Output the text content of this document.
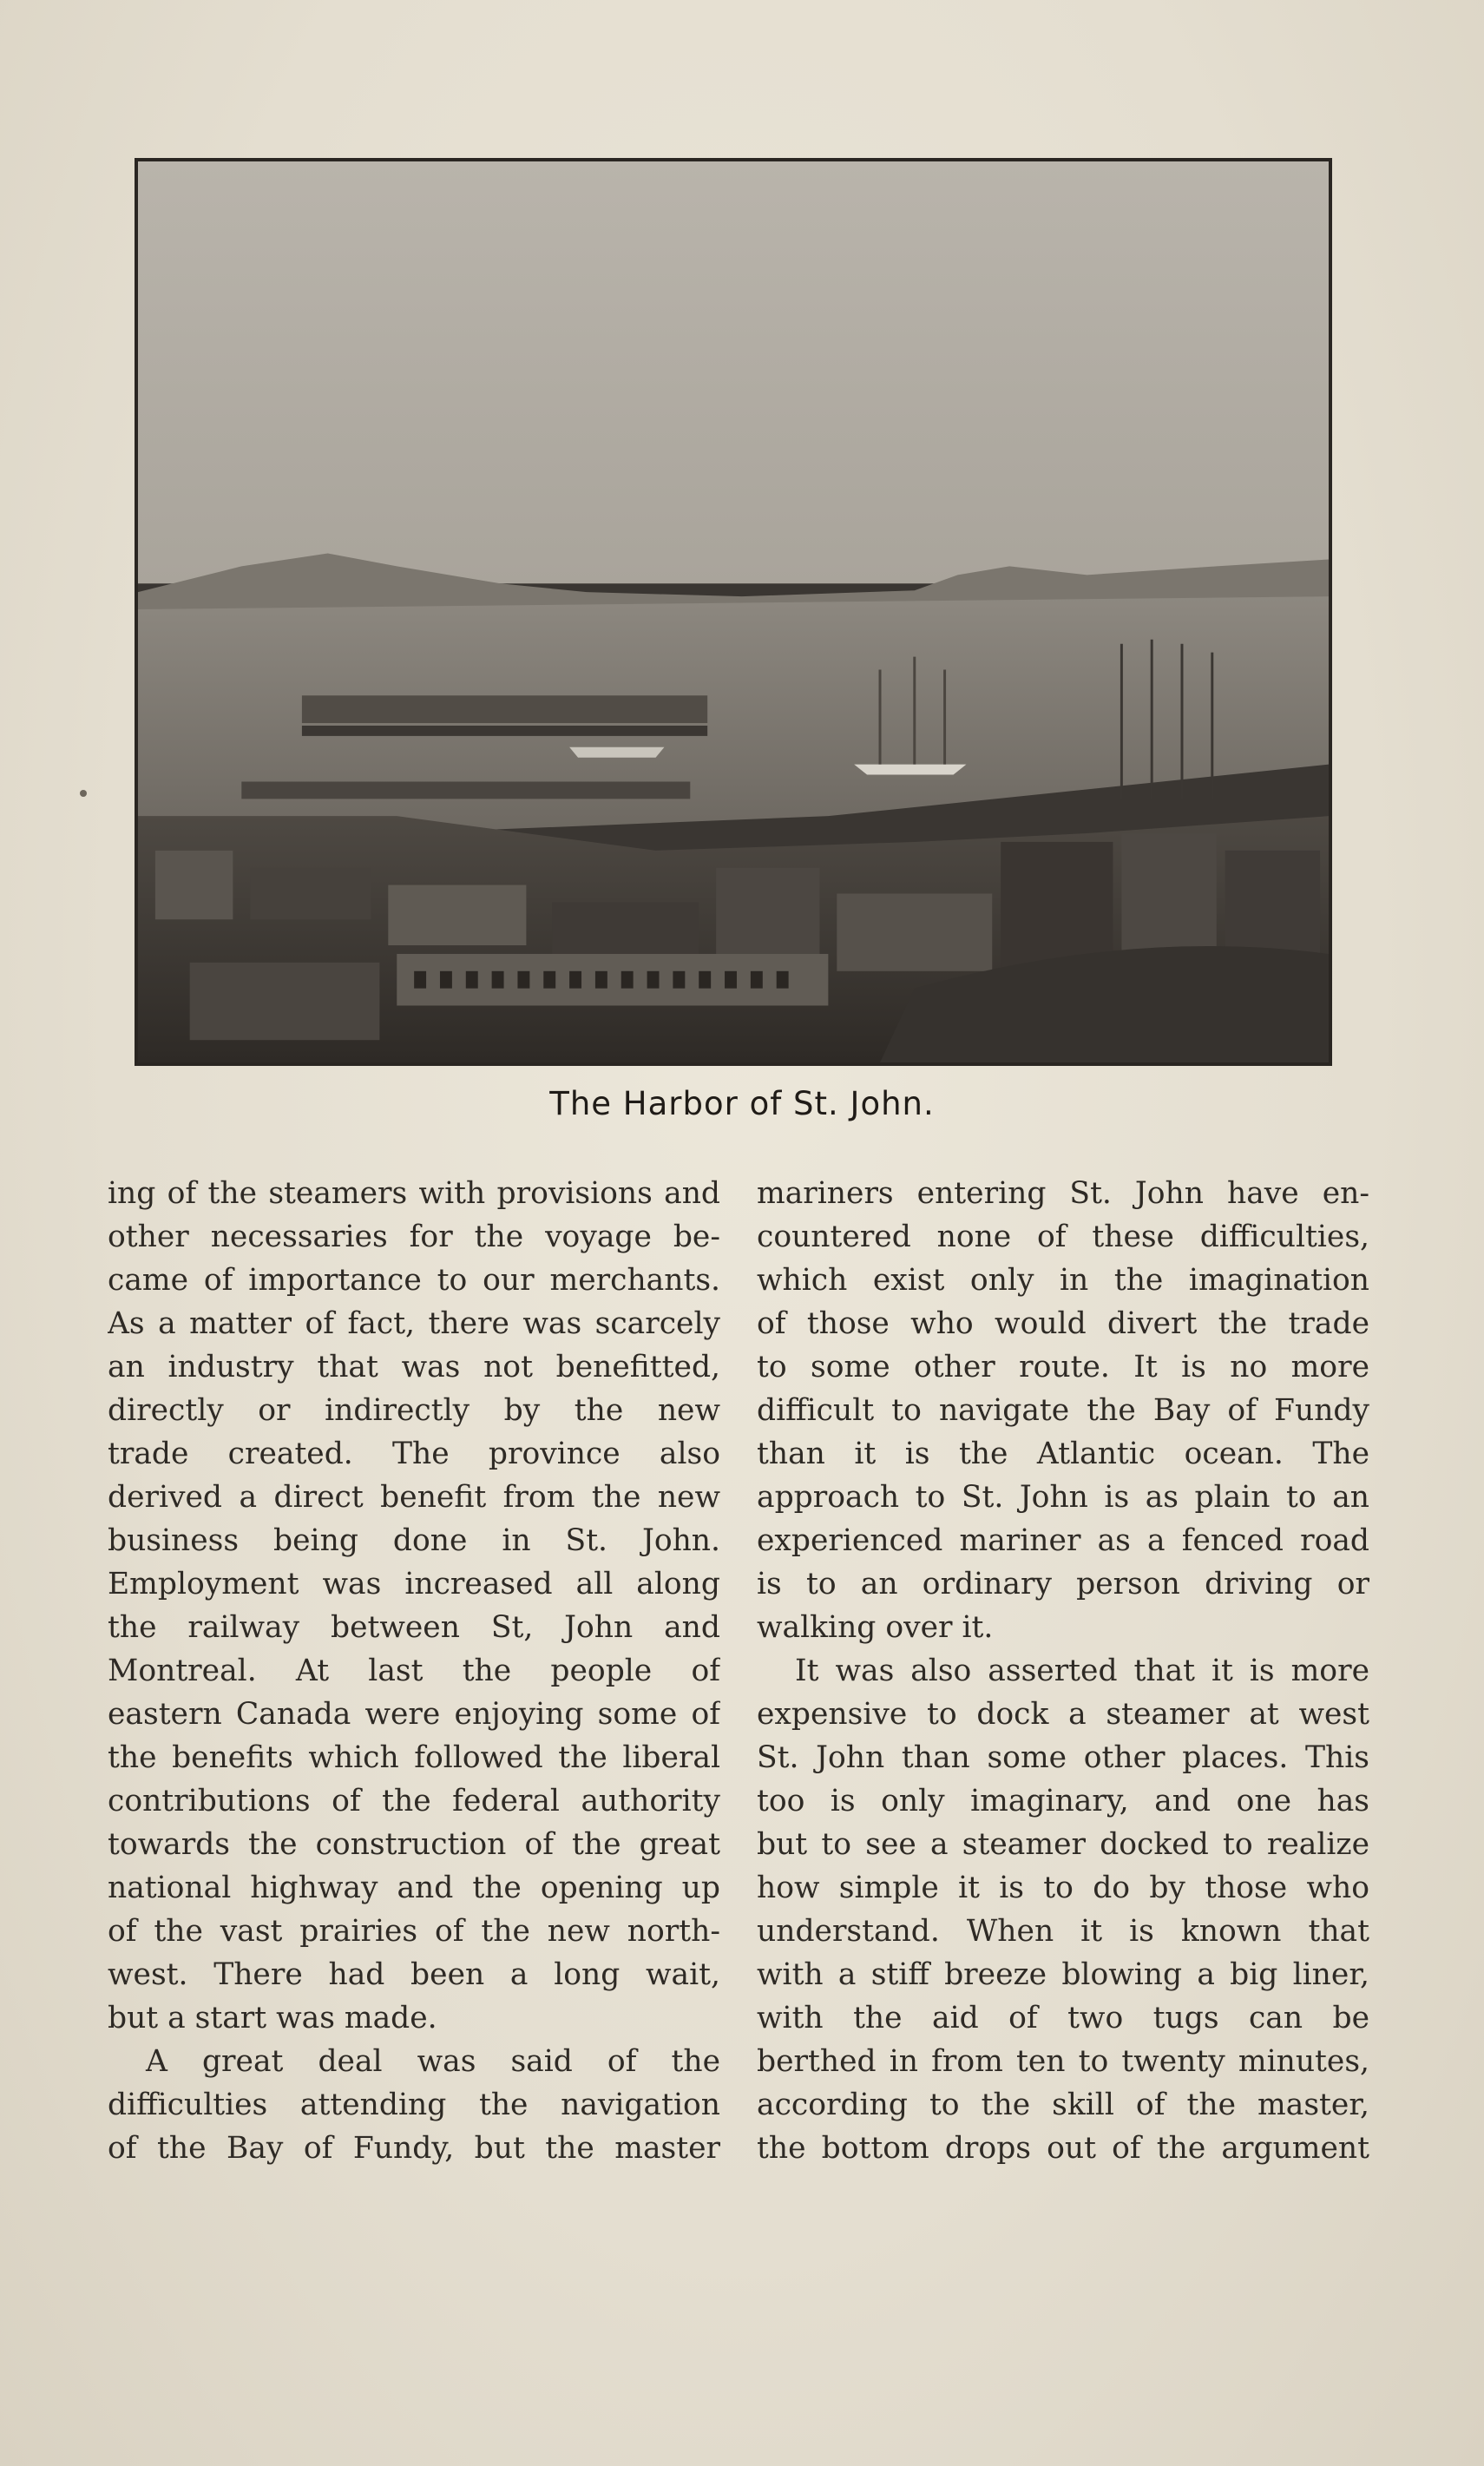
The Harbor of St. John.
ing of the steamers with provisions and
other necessaries for the voyage be-
came of importance to our merchants.
As a matter of fact, there was scarcely
an industry that was not benefitted,
directly or indirectly by the new
trade created. The province also
derived a direct benefit from the new
business being done in St. John.
Employment was increased all along
the railway between St, John and
Montreal. At last the people of
eastern Canada were enjoying some of
the benefits which followed the liberal
contributions of the federal authority
towards the construction of the great
national highway and the opening up
of the vast prairies of the new north-
west. There had been a long wait,
but a start was made.
A great deal was said of the
difficulties attending the navigation
of the Bay of Fundy, but the master
mariners entering St. John have en-
countered none of these difficulties,
which exist only in the imagination
of those who would divert the trade
to some other route. It is no more
difficult to navigate the Bay of Fundy
than it is the Atlantic ocean. The
approach to St. John is as plain to an
experienced mariner as a fenced road
is to an ordinary person driving or
walking over it.
It was also asserted that it is more
expensive to dock a steamer at west
St. John than some other places. This
too is only imaginary, and one has
but to see a steamer docked to realize
how simple it is to do by those who
understand. When it is known that
with a stiff breeze blowing a big liner,
with the aid of two tugs can be
berthed in from ten to twenty minutes,
according to the skill of the master,
the bottom drops out of the argument
